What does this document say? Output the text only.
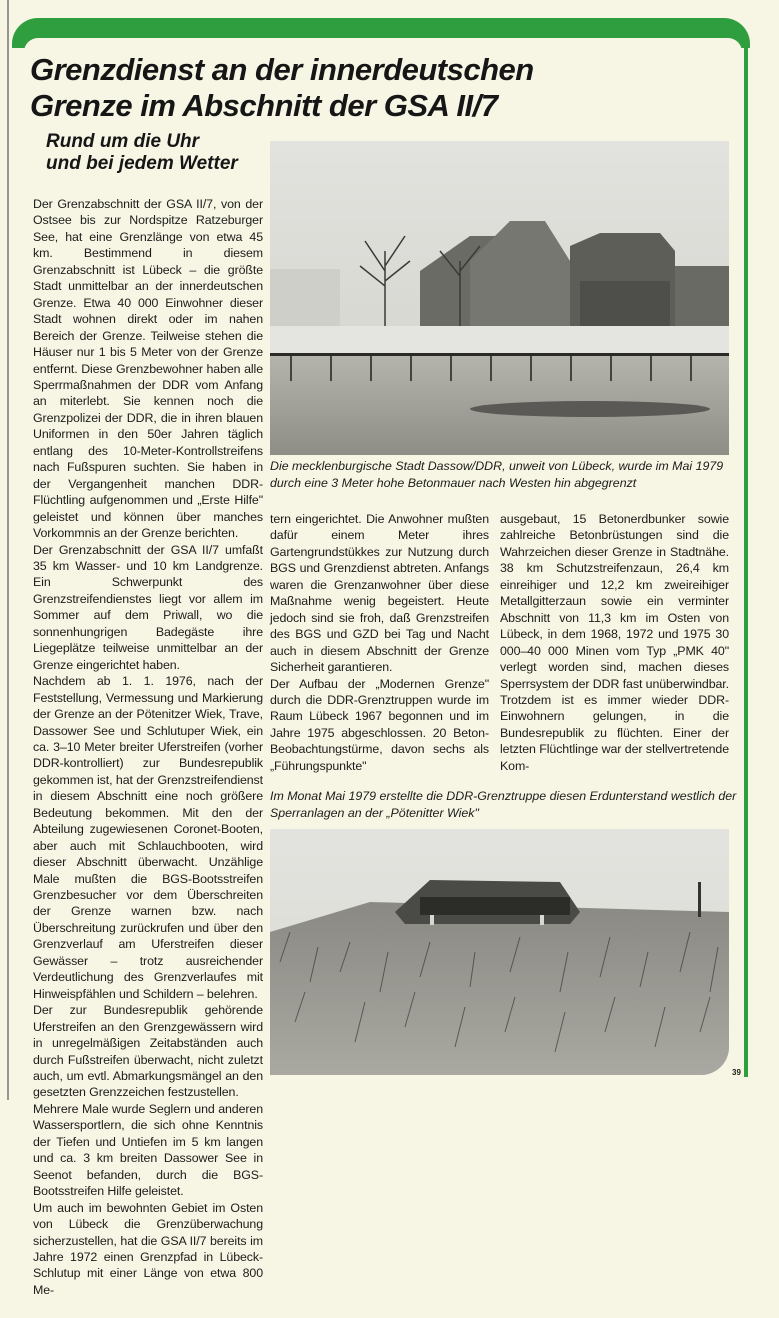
Grenzdienst an der innerdeutschen
Grenze im Abschnitt der GSA II/7
Rund um die Uhr
und bei jedem Wetter

Der Grenzabschnitt der GSA II/7, von der Ostsee bis zur Nordspitze Ratzeburger See, hat eine Grenzlänge von etwa 45 km. Bestimmend in diesem Grenzabschnitt ist Lübeck – die größte Stadt unmittelbar an der innerdeutschen Grenze. Etwa 40 000 Einwohner dieser Stadt wohnen direkt oder im nahen Bereich der Grenze. Teilweise stehen die Häuser nur 1 bis 5 Meter von der Grenze entfernt. Diese Grenzbewohner haben alle Sperrmaßnahmen der DDR vom Anfang an miterlebt. Sie kennen noch die Grenzpolizei der DDR, die in ihren blauen Uniformen in den 50er Jahren täglich entlang des 10-Meter-Kontrollstreifens nach Fußspuren suchten. Sie haben in der Vergangenheit manchen DDR-Flüchtling aufgenommen und „Erste Hilfe" geleistet und können über manches Vorkommnis an der Grenze berichten.

Der Grenzabschnitt der GSA II/7 umfaßt 35 km Wasser- und 10 km Landgrenze. Ein Schwerpunkt des Grenzstreifendienstes liegt vor allem im Sommer auf dem Priwall, wo die sonnenhungrigen Badegäste ihre Liegeplätze teilweise unmittelbar an der Grenze eingerichtet haben.

Nachdem ab 1. 1. 1976, nach der Feststellung, Vermessung und Markierung der Grenze an der Pötenitzer Wiek, Trave, Dassower See und Schlutuper Wiek, ein ca. 3–10 Meter breiter Uferstreifen (vorher DDR-kontrolliert) zur Bundesrepublik gekommen ist, hat der Grenzstreifendienst in diesem Abschnitt eine noch größere Bedeutung bekommen. Mit den der Abteilung zugewiesenen Coronet-Booten, aber auch mit Schlauchbooten, wird dieser Abschnitt überwacht. Unzählige Male mußten die BGS-Bootsstreifen Grenzbesucher vor dem Überschreiten der Grenze warnen bzw. nach Überschreitung zurückrufen und über den Grenzverlauf am Uferstreifen dieser Gewässer – trotz ausreichender Verdeutlichung des Grenzverlaufes mit Hinweispfählen und Schildern – belehren.

Der zur Bundesrepublik gehörende Uferstreifen an den Grenzgewässern wird in unregelmäßigen Zeitabständen auch durch Fußstreifen überwacht, nicht zuletzt auch, um evtl. Abmarkungsmängel an den gesetzten Grenzzeichen festzustellen.

Mehrere Male wurde Seglern und anderen Wassersportlern, die sich ohne Kenntnis der Tiefen und Untiefen im 5 km langen und ca. 3 km breiten Dassower See in Seenot befanden, durch die BGS-Bootsstreifen Hilfe geleistet.

Um auch im bewohnten Gebiet im Osten von Lübeck die Grenzüberwachung sicherzustellen, hat die GSA II/7 bereits im Jahre 1972 einen Grenzpfad in Lübeck-Schlutup mit einer Länge von etwa 800 Me-

Die mecklenburgische Stadt Dassow/DDR, unweit von Lübeck, wurde im Mai 1979 durch eine 3 Meter hohe Betonmauer nach Westen hin abgegrenzt

tern eingerichtet. Die Anwohner mußten dafür einem Meter ihres Gartengrundstükkes zur Nutzung durch BGS und Grenzdienst abtreten. Anfangs waren die Grenzanwohner über diese Maßnahme wenig begeistert. Heute jedoch sind sie froh, daß Grenzstreifen des BGS und GZD bei Tag und Nacht auch in diesem Abschnitt der Grenze Sicherheit garantieren.

Der Aufbau der „Modernen Grenze" durch die DDR-Grenztruppen wurde im Raum Lübeck 1967 begonnen und im Jahre 1975 abgeschlossen. 20 Beton-Beobachtungstürme, davon sechs als „Führungspunkte"

ausgebaut, 15 Betonerdbunker sowie zahlreiche Betonbrüstungen sind die Wahrzeichen dieser Grenze in Stadtnähe. 38 km Schutzstreifenzaun, 26,4 km einreihiger und 12,2 km zweireihiger Metallgitterzaun sowie ein verminter Abschnitt von 11,3 km im Osten von Lübeck, in dem 1968, 1972 und 1975 30 000–40 000 Minen vom Typ „PMK 40" verlegt worden sind, machen dieses Sperrsystem der DDR fast unüberwindbar. Trotzdem ist es immer wieder DDR-Einwohnern gelungen, in die Bundesrepublik zu flüchten. Einer der letzten Flüchtlinge war der stellvertretende Kom-

Im Monat Mai 1979 erstellte die DDR-Grenztruppe diesen Erdunterstand westlich der Sperranlagen an der „Pötenitter Wiek"
39
